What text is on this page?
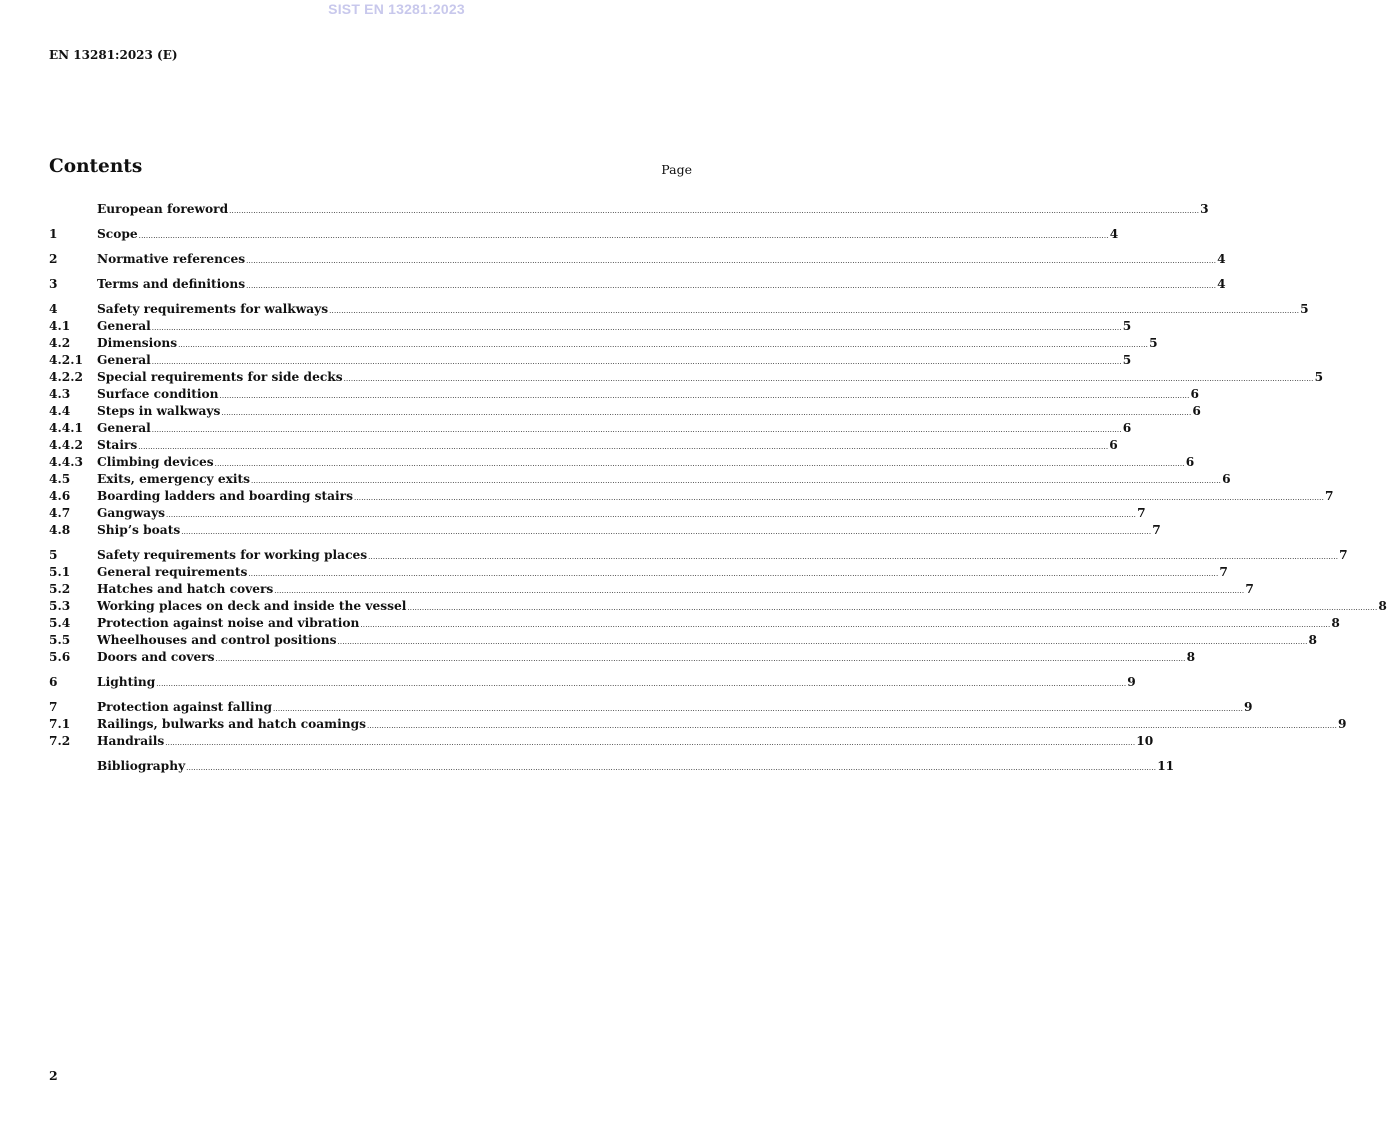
SIST EN 13281:2023
EN 13281:2023 (E)
Contents	Page
European foreword ................................................................................................................................................................................................................................................................................................................................................................................................................ 3
1	Scope ................................................................................................................................................................................................................................................................................................................................................................................................................ 4
2	Normative references ................................................................................................................................................................................................................................................................................................................................................................................................................ 4
3	Terms and definitions ................................................................................................................................................................................................................................................................................................................................................................................................................ 4
4	Safety requirements for walkways ................................................................................................................................................................................................................................................................................................................................................................................................................ 5
4.1	General ................................................................................................................................................................................................................................................................................................................................................................................................................ 5
4.2	Dimensions ................................................................................................................................................................................................................................................................................................................................................................................................................ 5
4.2.1	General ................................................................................................................................................................................................................................................................................................................................................................................................................ 5
4.2.2	Special requirements for side decks ................................................................................................................................................................................................................................................................................................................................................................................................................ 5
4.3	Surface condition ................................................................................................................................................................................................................................................................................................................................................................................................................ 6
4.4	Steps in walkways ................................................................................................................................................................................................................................................................................................................................................................................................................ 6
4.4.1	General ................................................................................................................................................................................................................................................................................................................................................................................................................ 6
4.4.2	Stairs ................................................................................................................................................................................................................................................................................................................................................................................................................ 6
4.4.3	Climbing devices ................................................................................................................................................................................................................................................................................................................................................................................................................ 6
4.5	Exits, emergency exits ................................................................................................................................................................................................................................................................................................................................................................................................................ 6
4.6	Boarding ladders and boarding stairs ................................................................................................................................................................................................................................................................................................................................................................................................................ 7
4.7	Gangways ................................................................................................................................................................................................................................................................................................................................................................................................................ 7
4.8	Ship’s boats ................................................................................................................................................................................................................................................................................................................................................................................................................ 7
5	Safety requirements for working places ................................................................................................................................................................................................................................................................................................................................................................................................................ 7
5.1	General requirements ................................................................................................................................................................................................................................................................................................................................................................................................................ 7
5.2	Hatches and hatch covers ................................................................................................................................................................................................................................................................................................................................................................................................................ 7
5.3	Working places on deck and inside the vessel ................................................................................................................................................................................................................................................................................................................................................................................................................ 8
5.4	Protection against noise and vibration ................................................................................................................................................................................................................................................................................................................................................................................................................ 8
5.5	Wheelhouses and control positions ................................................................................................................................................................................................................................................................................................................................................................................................................ 8
5.6	Doors and covers ................................................................................................................................................................................................................................................................................................................................................................................................................ 8
6	Lighting ................................................................................................................................................................................................................................................................................................................................................................................................................ 9
7	Protection against falling ................................................................................................................................................................................................................................................................................................................................................................................................................ 9
7.1	Railings, bulwarks and hatch coamings ................................................................................................................................................................................................................................................................................................................................................................................................................ 9
7.2	Handrails ................................................................................................................................................................................................................................................................................................................................................................................................................ 10
Bibliography ................................................................................................................................................................................................................................................................................................................................................................................................................ 11
2
